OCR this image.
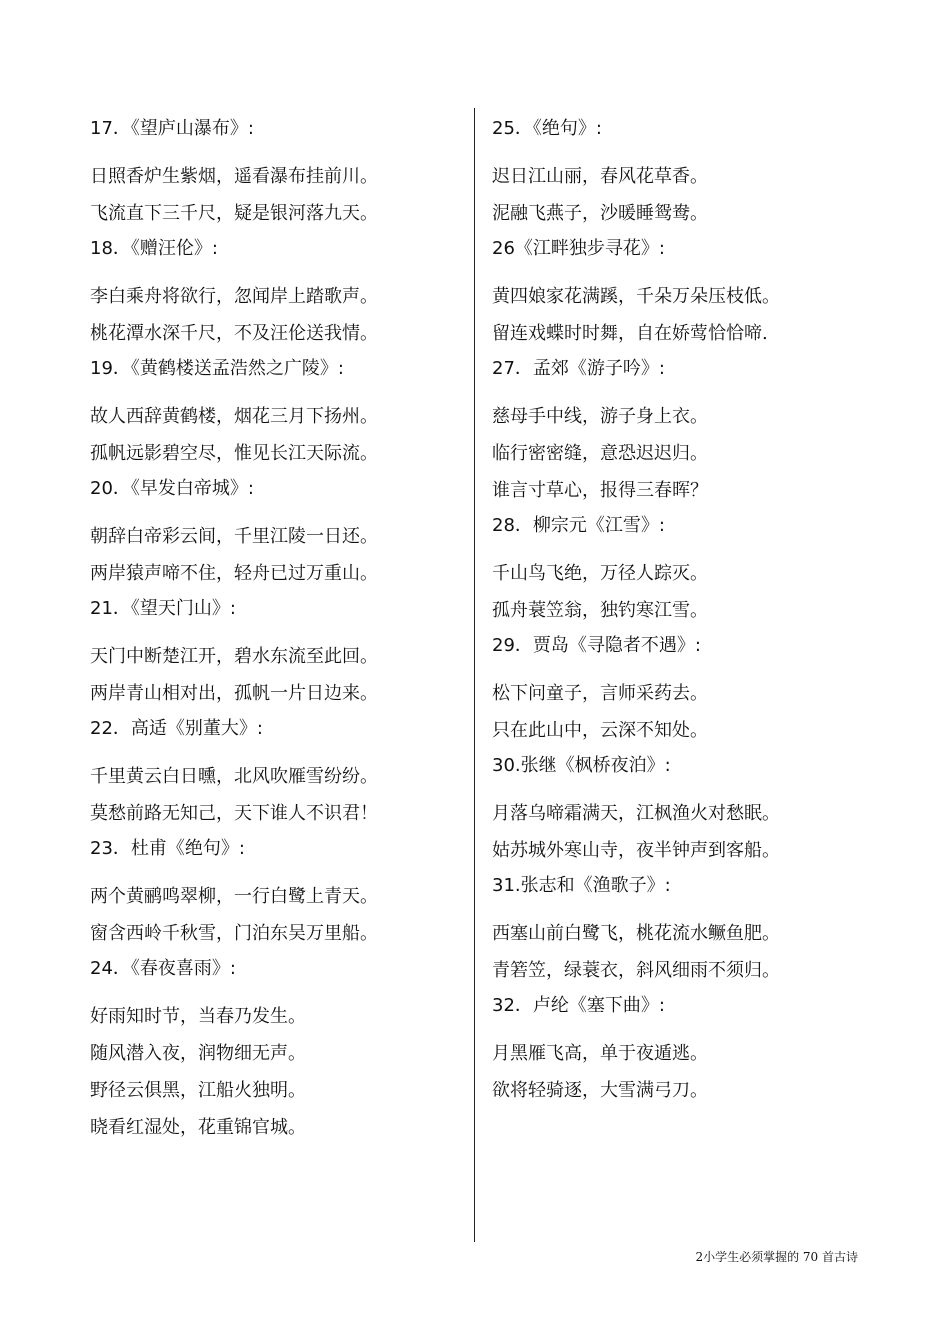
17．《望庐山瀑布》:
日照香炉生紫烟，遥看瀑布挂前川。
飞流直下三千尺，疑是银河落九天。
18．《赠汪伦》:
李白乘舟将欲行，忽闻岸上踏歌声。
桃花潭水深千尺，不及汪伦送我情。
19．《黄鹤楼送孟浩然之广陵》:
故人西辞黄鹤楼，烟花三月下扬州。
孤帆远影碧空尽，惟见长江天际流。
20．《早发白帝城》:
朝辞白帝彩云间，千里江陵一日还。
两岸猿声啼不住，轻舟已过万重山。
21．《望天门山》:
天门中断楚江开，碧水东流至此回。
两岸青山相对出，孤帆一片日边来。
22．高适《别董大》:
千里黄云白日曛，北风吹雁雪纷纷。
莫愁前路无知己，天下谁人不识君！
23．杜甫《绝句》:
两个黄鹂鸣翠柳，一行白鹭上青天。
窗含西岭千秋雪，门泊东吴万里船。
24．《春夜喜雨》:
好雨知时节，当春乃发生。
随风潜入夜，润物细无声。
野径云俱黑，江船火独明。
晓看红湿处，花重锦官城。
25．《绝句》:
迟日江山丽，春风花草香。
泥融飞燕子，沙暖睡鸳鸯。
26《江畔独步寻花》:
黄四娘家花满蹊，千朵万朵压枝低。
留连戏蝶时时舞，自在娇莺恰恰啼.
27．孟郊《游子吟》:
慈母手中线，游子身上衣。
临行密密缝，意恐迟迟归。
谁言寸草心，报得三春晖？
28．柳宗元《江雪》:
千山鸟飞绝，万径人踪灭。
孤舟蓑笠翁，独钓寒江雪。
29．贾岛《寻隐者不遇》:
松下问童子，言师采药去。
只在此山中，云深不知处。
30.张继《枫桥夜泊》:
月落乌啼霜满天，江枫渔火对愁眠。
姑苏城外寒山寺，夜半钟声到客船。
31.张志和《渔歌子》:
西塞山前白鹭飞，桃花流水鳜鱼肥。
青箬笠，绿蓑衣，斜风细雨不须归。
32．卢纶《塞下曲》:
月黑雁飞高，单于夜遁逃。
欲将轻骑逐，大雪满弓刀。
2小学生必须掌握的 70 首古诗
